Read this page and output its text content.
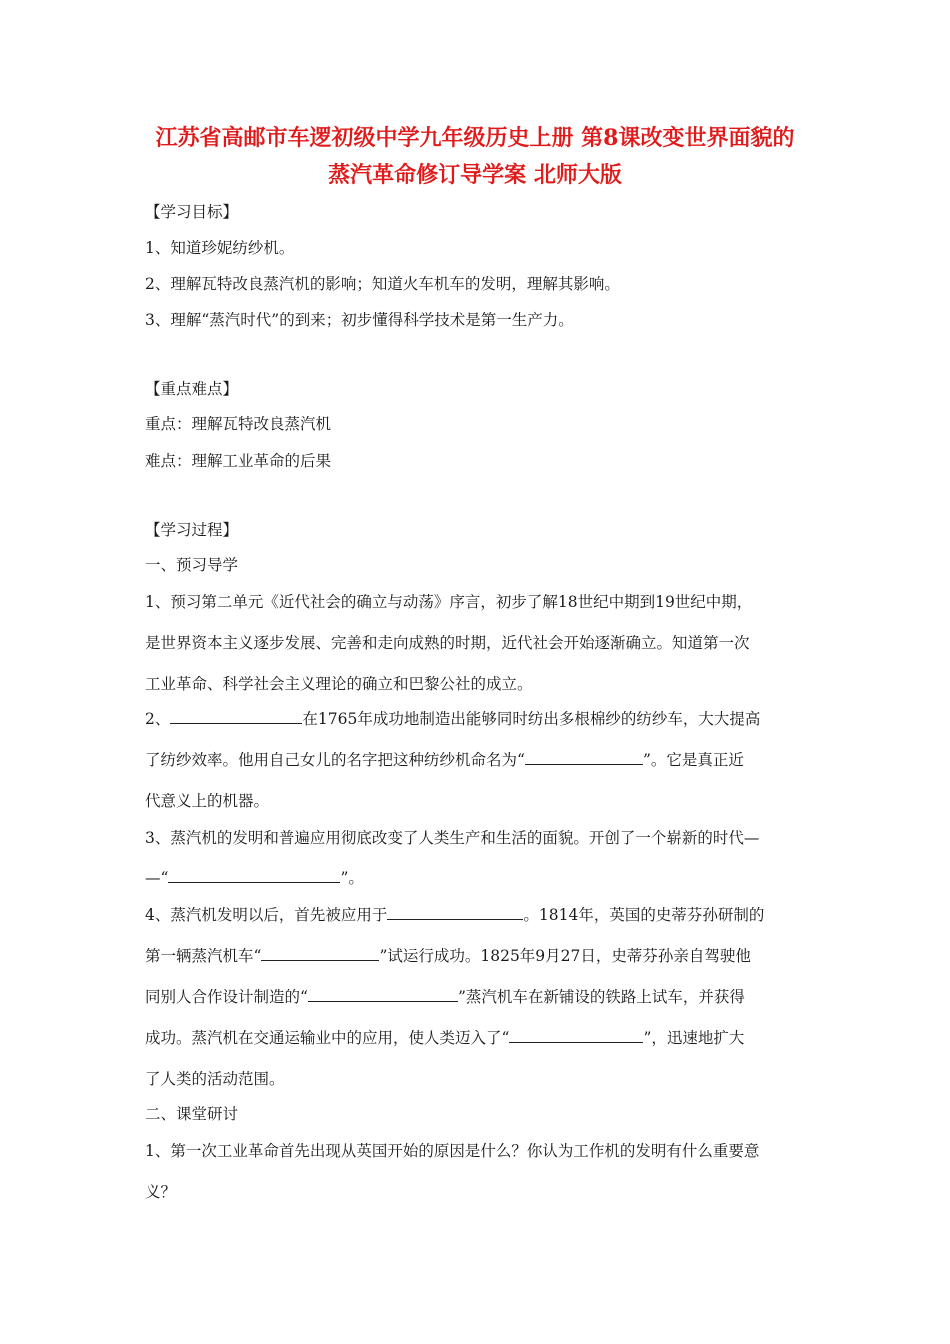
江苏省高邮市车逻初级中学九年级历史上册 第8课改变世界面貌的
蒸汽革命修订导学案 北师大版
【学习目标】
1、知道珍妮纺纱机。
2、理解瓦特改良蒸汽机的影响；知道火车机车的发明，理解其影响。
3、理解“蒸汽时代”的到来；初步懂得科学技术是第一生产力。
【重点难点】
重点：理解瓦特改良蒸汽机
难点：理解工业革命的后果
【学习过程】
一、预习导学
1、预习第二单元《近代社会的确立与动荡》序言，初步了解18世纪中期到19世纪中期，
是世界资本主义逐步发展、完善和走向成熟的时期，近代社会开始逐渐确立。知道第一次
工业革命、科学社会主义理论的确立和巴黎公社的成立。
2、	在1765年成功地制造出能够同时纺出多根棉纱的纺纱车，大大提高
了纺纱效率。他用自己女儿的名字把这种纺纱机命名为“	”。它是真正近
代意义上的机器。
3、蒸汽机的发明和普遍应用彻底改变了人类生产和生活的面貌。开创了一个崭新的时代—
—“	”。
4、蒸汽机发明以后，首先被应用于	。1814年，英国的史蒂芬孙研制的
第一辆蒸汽机车“	”试运行成功。1825年9月27日，史蒂芬孙亲自驾驶他
同别人合作设计制造的“	”蒸汽机车在新铺设的铁路上试车，并获得
成功。蒸汽机在交通运输业中的应用，使人类迈入了“	”，迅速地扩大
了人类的活动范围。
二、课堂研讨
1、第一次工业革命首先出现从英国开始的原因是什么？你认为工作机的发明有什么重要意
义？
